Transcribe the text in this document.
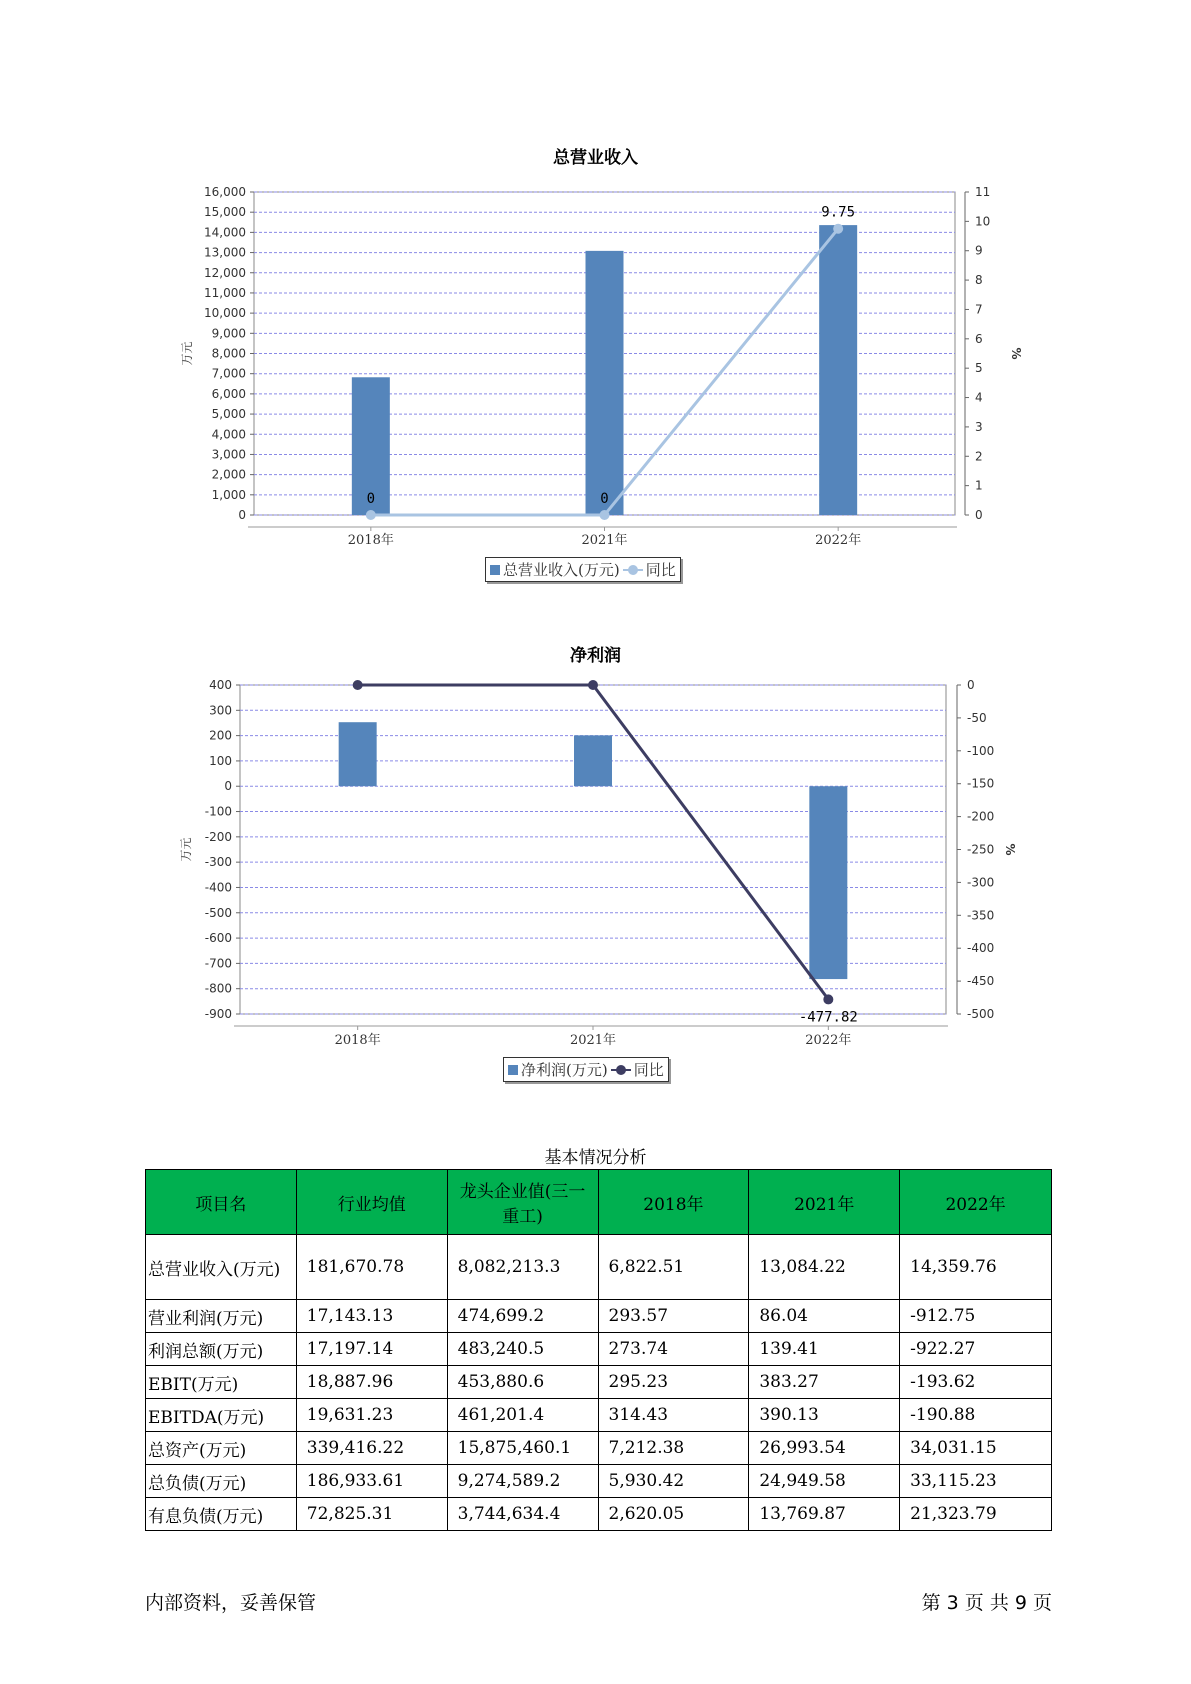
总营业收入
0
1,000
2,000
3,000
4,000
5,000
6,000
7,000
8,000
9,000
10,000
11,000
12,000
13,000
14,000
15,000
16,000
0
1
2
3
4
5
6
7
8
9
10
11
2018年	2021年	2022年
万元	%
0	0
9.75
总营业收入(万元) 同比
净利润
400
300
200
100
0
-100
-200
-300
-400
-500
-600
-700
-800
-900
0
-50
-100
-150
-200
-250
-300
-350
-400
-450
-500
2018年	2021年	2022年
万元	%
-477.82
净利润(万元) 同比
基本情况分析
项目名	行业均值	龙头企业值(三一重工)	2018年	2021年	2022年
总营业收入(万元)	181,670.78	8,082,213.3	6,822.51	13,084.22	14,359.76
营业利润(万元)	17,143.13	474,699.2	293.57	86.04	-912.75
利润总额(万元)	17,197.14	483,240.5	273.74	139.41	-922.27
EBIT(万元)	18,887.96	453,880.6	295.23	383.27	-193.62
EBITDA(万元)	19,631.23	461,201.4	314.43	390.13	-190.88
总资产(万元)	339,416.22	15,875,460.1	7,212.38	26,993.54	34,031.15
总负债(万元)	186,933.61	9,274,589.2	5,930.42	24,949.58	33,115.23
有息负债(万元)	72,825.31	3,744,634.4	2,620.05	13,769.87	21,323.79
内部资料，妥善保管	第 3 页 共 9 页
